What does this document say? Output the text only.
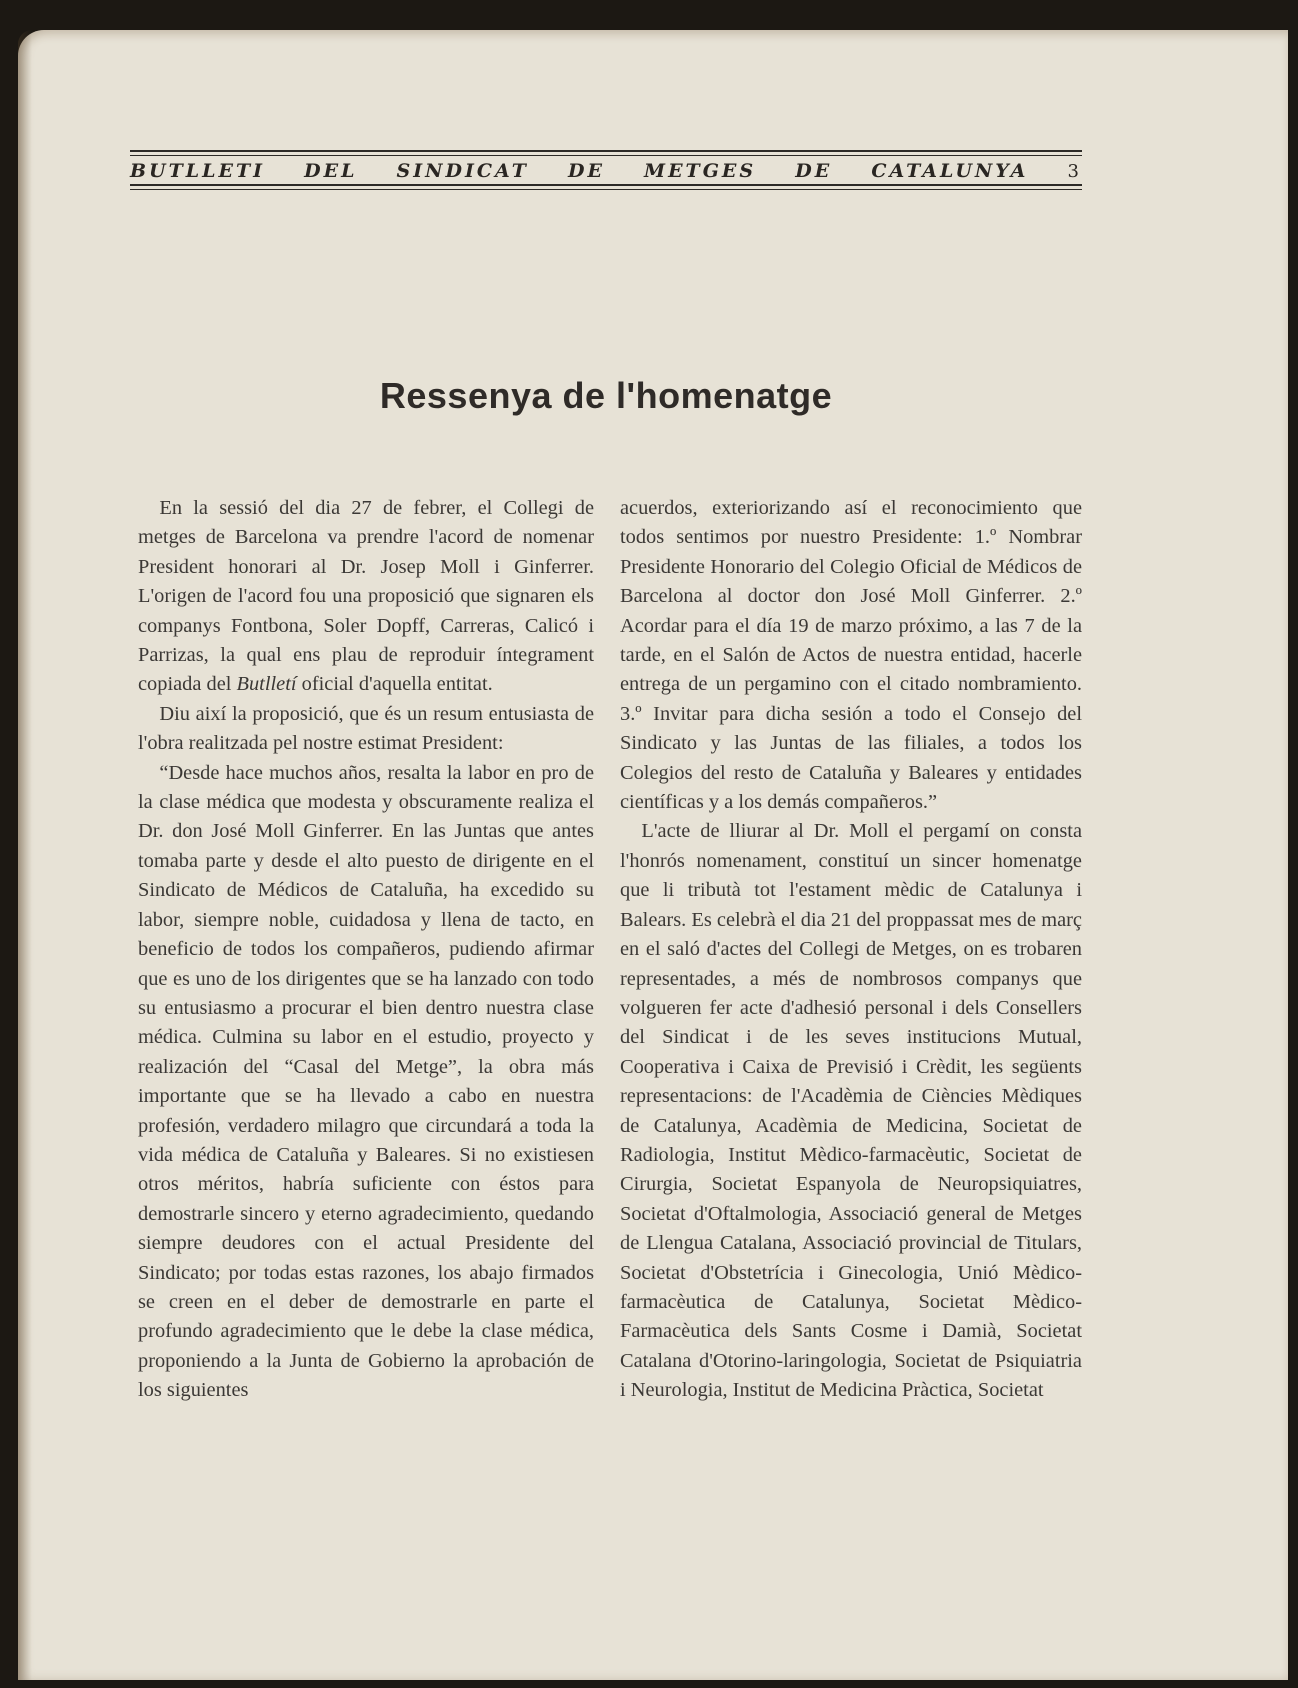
BUTLLETI DEL SINDICAT DE METGES DE CATALUNYA 3
Ressenya de l'homenatge

En la sessió del dia 27 de febrer, el Collegi de metges de Barcelona va prendre l'acord de nomenar President honorari al Dr. Josep Moll i Ginferrer. L'origen de l'acord fou una proposició que signaren els companys Fontbona, Soler Dopff, Carreras, Calicó i Parrizas, la qual ens plau de reproduir íntegrament copiada del Butlletí oficial d'aquella entitat.

Diu així la proposició, que és un resum entusiasta de l'obra realitzada pel nostre estimat President:

“Desde hace muchos años, resalta la labor en pro de la clase médica que modesta y obscuramente realiza el Dr. don José Moll Ginferrer. En las Juntas que antes tomaba parte y desde el alto puesto de dirigente en el Sindicato de Médicos de Cataluña, ha excedido su labor, siempre noble, cuidadosa y llena de tacto, en beneficio de todos los compañeros, pudiendo afirmar que es uno de los dirigentes que se ha lanzado con todo su entusiasmo a procurar el bien dentro nuestra clase médica. Culmina su labor en el estudio, proyecto y realización del “Casal del Metge”, la obra más importante que se ha llevado a cabo en nuestra profesión, verdadero milagro que circundará a toda la vida médica de Cataluña y Baleares. Si no existiesen otros méritos, habría suficiente con éstos para demostrarle sincero y eterno agradecimiento, quedando siempre deudores con el actual Presidente del Sindicato; por todas estas razones, los abajo firmados se creen en el deber de demostrarle en parte el profundo agradecimiento que le debe la clase médica, proponiendo a la Junta de Gobierno la aprobación de los siguientes

acuerdos, exteriorizando así el reconocimiento que todos sentimos por nuestro Presidente: 1.º Nombrar Presidente Honorario del Colegio Oficial de Médicos de Barcelona al doctor don José Moll Ginferrer. 2.º Acordar para el día 19 de marzo próximo, a las 7 de la tarde, en el Salón de Actos de nuestra entidad, hacerle entrega de un pergamino con el citado nombramiento. 3.º Invitar para dicha sesión a todo el Consejo del Sindicato y las Juntas de las filiales, a todos los Colegios del resto de Cataluña y Baleares y entidades científicas y a los demás compañeros.”

L'acte de lliurar al Dr. Moll el pergamí on consta l'honrós nomenament, constituí un sincer homenatge que li tributà tot l'estament mèdic de Catalunya i Balears. Es celebrà el dia 21 del proppassat mes de març en el saló d'actes del Collegi de Metges, on es trobaren representades, a més de nombrosos companys que volgueren fer acte d'adhesió personal i dels Consellers del Sindicat i de les seves institucions Mutual, Cooperativa i Caixa de Previsió i Crèdit, les següents representacions: de l'Acadèmia de Ciències Mèdiques de Catalunya, Acadèmia de Medicina, Societat de Radiologia, Institut Mèdico-farmacèutic, Societat de Cirurgia, Societat Espanyola de Neuropsiquiatres, Societat d'Oftalmologia, Associació general de Metges de Llengua Catalana, Associació provincial de Titulars, Societat d'Obstetrícia i Ginecologia, Unió Mèdico-farmacèutica de Catalunya, Societat Mèdico-Farmacèutica dels Sants Cosme i Damià, Societat Catalana d'Otorino-laringologia, Societat de Psiquiatria i Neurologia, Institut de Medicina Pràctica, Societat
